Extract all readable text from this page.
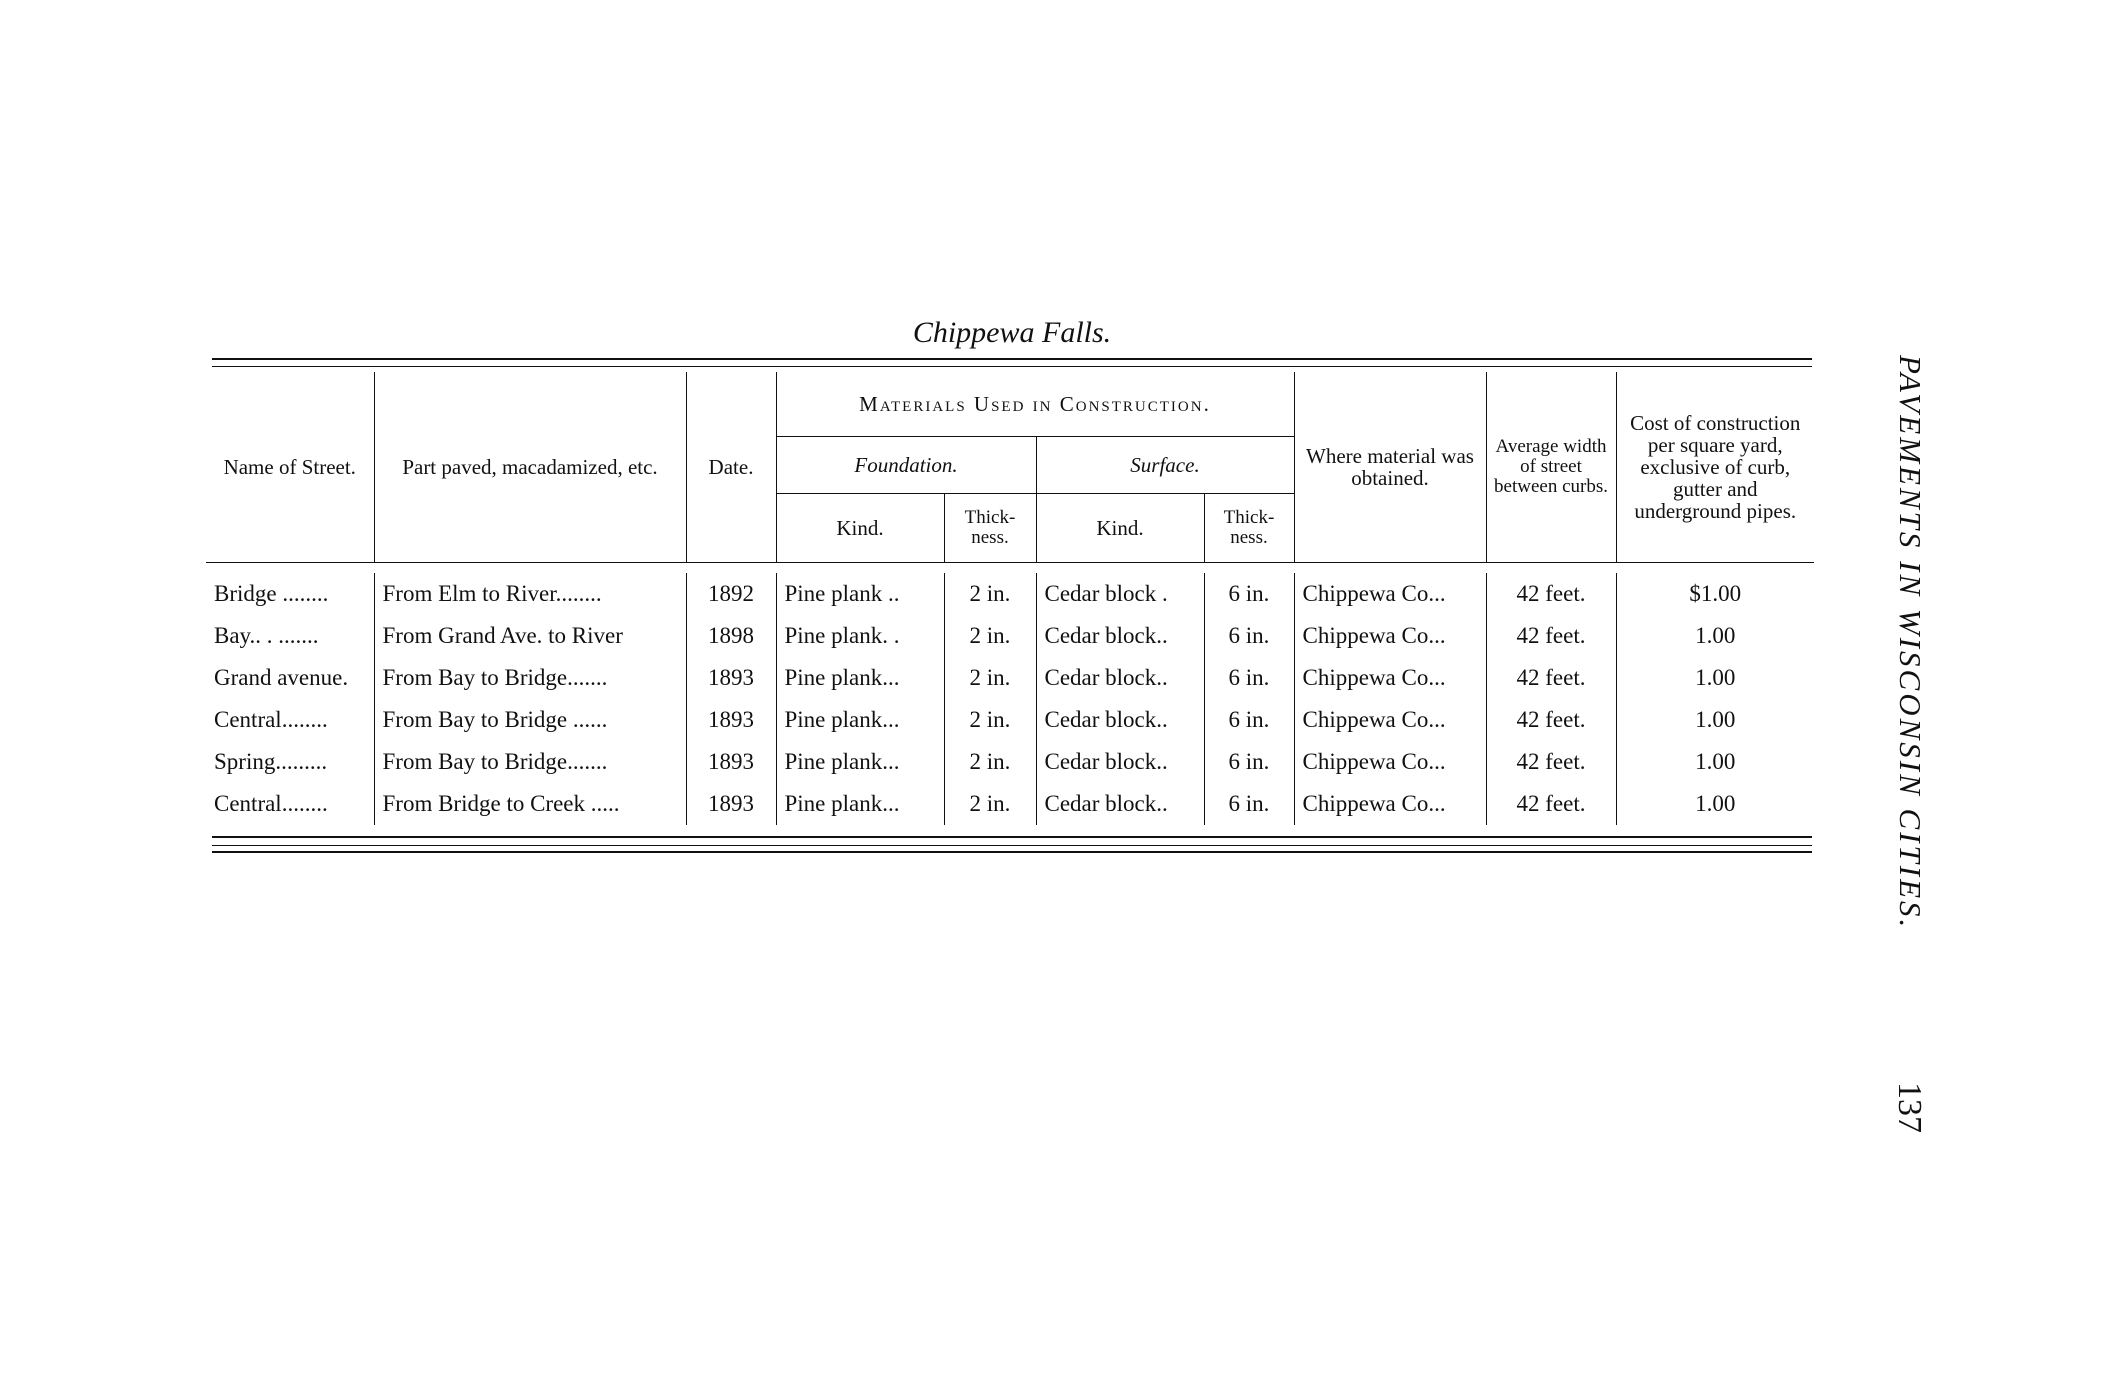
Chippewa Falls.
Name of Street.	Part paved, macadamized, etc.	Date.	Materials Used in Construction.				Where material was obtained.	Average width of street between curbs.	Cost of construction per square yard, exclusive of curb, gutter and underground pipes.
			Foundation.		Surface.				
			Kind.	Thick-ness.	Kind.	Thick-ness.			

Bridge ........	From Elm to River........	1892	Pine plank ..	2 in.	Cedar block .	6 in.	Chippewa Co...	42 feet.	$1.00
Bay.. . .......	From Grand Ave. to River	1898	Pine plank. .	2 in.	Cedar block..	6 in.	Chippewa Co...	42 feet.	1.00
Grand avenue.	From Bay to Bridge.......	1893	Pine plank...	2 in.	Cedar block..	6 in.	Chippewa Co...	42 feet.	1.00
Central........	From Bay to Bridge ......	1893	Pine plank...	2 in.	Cedar block..	6 in.	Chippewa Co...	42 feet.	1.00
Spring.........	From Bay to Bridge.......	1893	Pine plank...	2 in.	Cedar block..	6 in.	Chippewa Co...	42 feet.	1.00
Central........	From Bridge to Creek .....	1893	Pine plank...	2 in.	Cedar block..	6 in.	Chippewa Co...	42 feet.	1.00	PAVEMENTS IN WISCONSIN CITIES.
137
